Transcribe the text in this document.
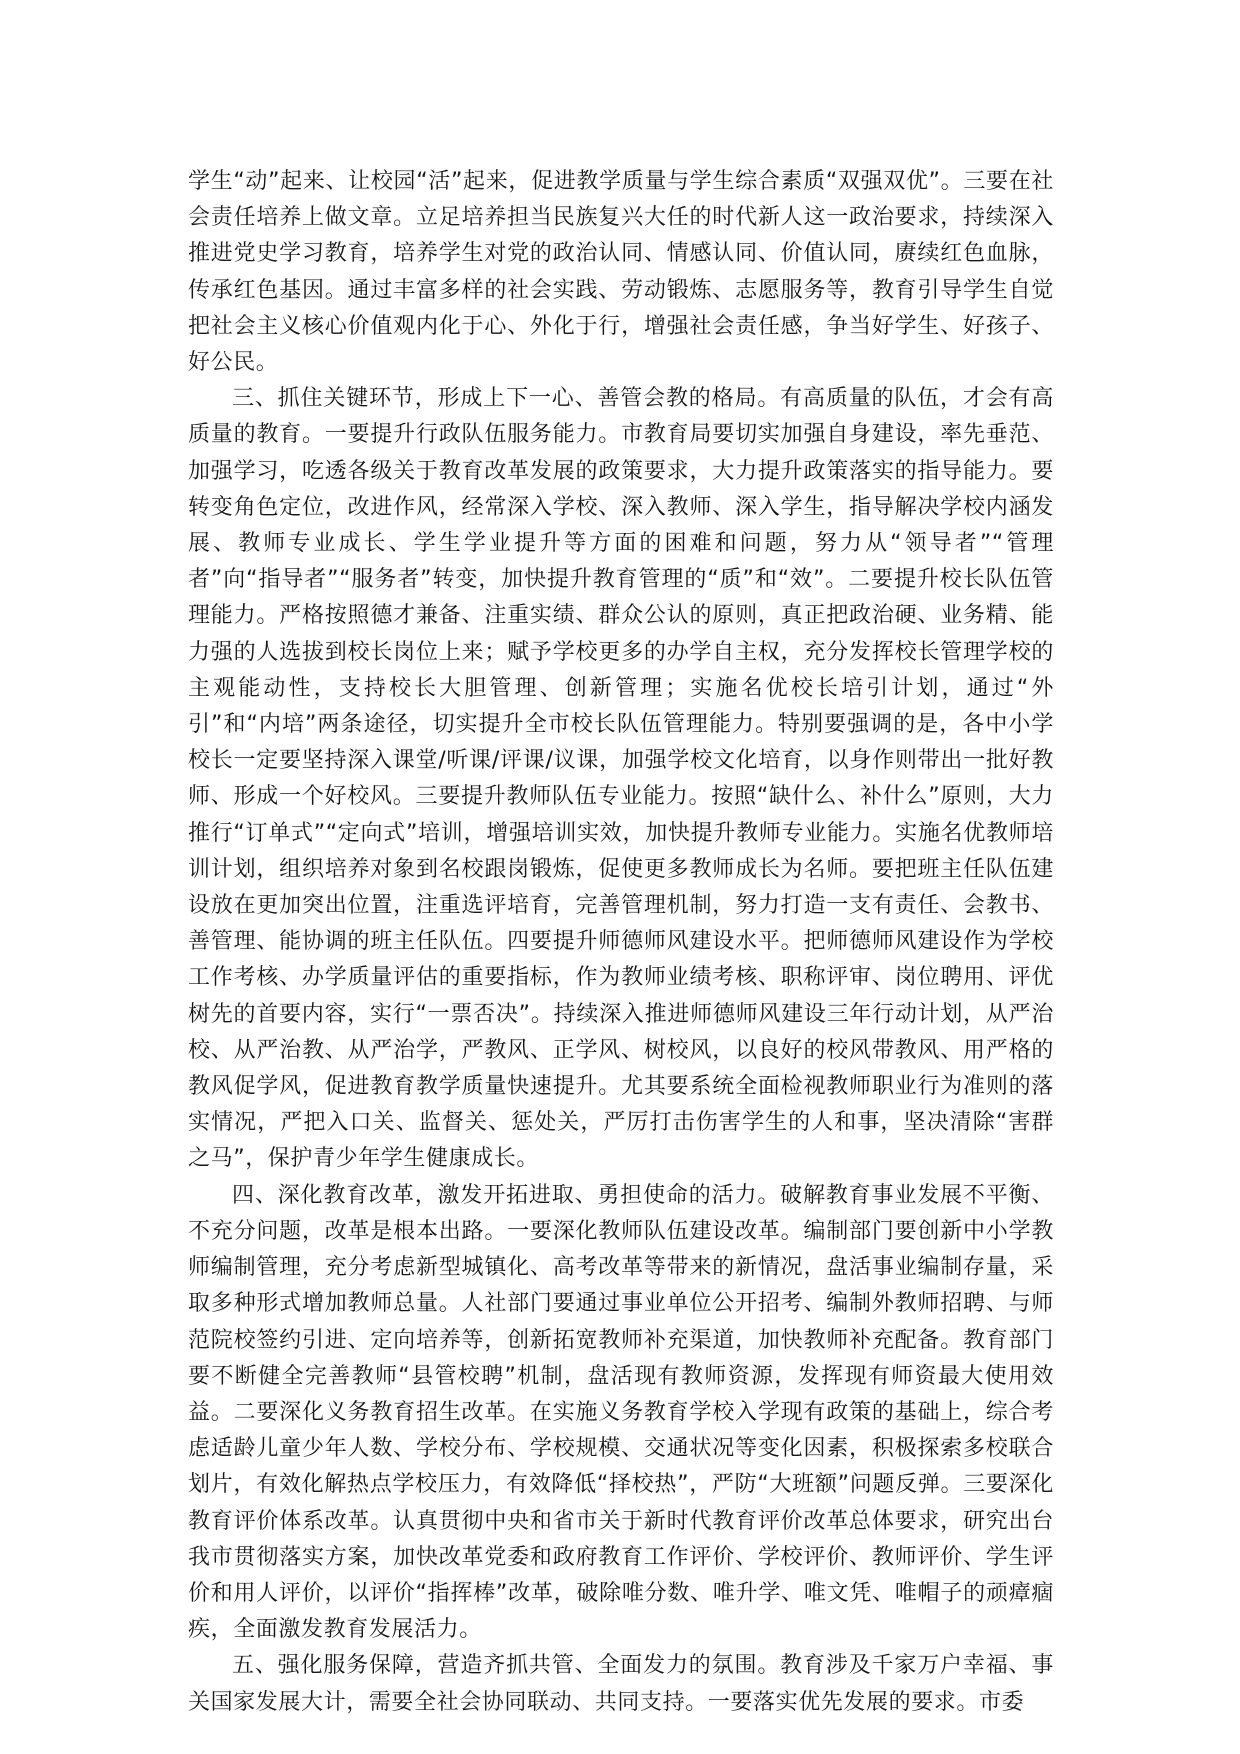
学生“动”起来、让校园“活”起来，促进教学质量与学生综合素质“双强双优”。三要在社会责任培养上做文章。立足培养担当民族复兴大任的时代新人这一政治要求，持续深入推进党史学习教育，培养学生对党的政治认同、情感认同、价值认同，赓续红色血脉，传承红色基因。通过丰富多样的社会实践、劳动锻炼、志愿服务等，教育引导学生自觉把社会主义核心价值观内化于心、外化于行，增强社会责任感，争当好学生、好孩子、好公民。

三、抓住关键环节，形成上下一心、善管会教的格局。有高质量的队伍，才会有高质量的教育。一要提升行政队伍服务能力。市教育局要切实加强自身建设，率先垂范、加强学习，吃透各级关于教育改革发展的政策要求，大力提升政策落实的指导能力。要转变角色定位，改进作风，经常深入学校、深入教师、深入学生，指导解决学校内涵发展、教师专业成长、学生学业提升等方面的困难和问题，努力从“领导者”“管理者”向“指导者”“服务者”转变，加快提升教育管理的“质”和“效”。二要提升校长队伍管理能力。严格按照德才兼备、注重实绩、群众公认的原则，真正把政治硬、业务精、能力强的人选拔到校长岗位上来；赋予学校更多的办学自主权，充分发挥校长管理学校的主观能动性，支持校长大胆管理、创新管理；实施名优校长培引计划，通过“外引”和“内培”两条途径，切实提升全市校长队伍管理能力。特别要强调的是，各中小学校长一定要坚持深入课堂/听课/评课/议课，加强学校文化培育，以身作则带出一批好教师、形成一个好校风。三要提升教师队伍专业能力。按照“缺什么、补什么”原则，大力推行“订单式”“定向式”培训，增强培训实效，加快提升教师专业能力。实施名优教师培训计划，组织培养对象到名校跟岗锻炼，促使更多教师成长为名师。要把班主任队伍建设放在更加突出位置，注重选评培育，完善管理机制，努力打造一支有责任、会教书、善管理、能协调的班主任队伍。四要提升师德师风建设水平。把师德师风建设作为学校工作考核、办学质量评估的重要指标，作为教师业绩考核、职称评审、岗位聘用、评优树先的首要内容，实行“一票否决”。持续深入推进师德师风建设三年行动计划，从严治校、从严治教、从严治学，严教风、正学风、树校风，以良好的校风带教风、用严格的教风促学风，促进教育教学质量快速提升。尤其要系统全面检视教师职业行为准则的落实情况，严把入口关、监督关、惩处关，严厉打击伤害学生的人和事，坚决清除“害群之马”，保护青少年学生健康成长。

四、深化教育改革，激发开拓进取、勇担使命的活力。破解教育事业发展不平衡、不充分问题，改革是根本出路。一要深化教师队伍建设改革。编制部门要创新中小学教师编制管理，充分考虑新型城镇化、高考改革等带来的新情况，盘活事业编制存量，采取多种形式增加教师总量。人社部门要通过事业单位公开招考、编制外教师招聘、与师范院校签约引进、定向培养等，创新拓宽教师补充渠道，加快教师补充配备。教育部门要不断健全完善教师“县管校聘”机制，盘活现有教师资源，发挥现有师资最大使用效益。二要深化义务教育招生改革。在实施义务教育学校入学现有政策的基础上，综合考虑适龄儿童少年人数、学校分布、学校规模、交通状况等变化因素，积极探索多校联合划片，有效化解热点学校压力，有效降低“择校热”，严防“大班额”问题反弹。三要深化教育评价体系改革。认真贯彻中央和省市关于新时代教育评价改革总体要求，研究出台我市贯彻落实方案，加快改革党委和政府教育工作评价、学校评价、教师评价、学生评价和用人评价，以评价“指挥棒”改革，破除唯分数、唯升学、唯文凭、唯帽子的顽瘴痼疾，全面激发教育发展活力。

五、强化服务保障，营造齐抓共管、全面发力的氛围。教育涉及千家万户幸福、事关国家发展大计，需要全社会协同联动、共同支持。一要落实优先发展的要求。市委
